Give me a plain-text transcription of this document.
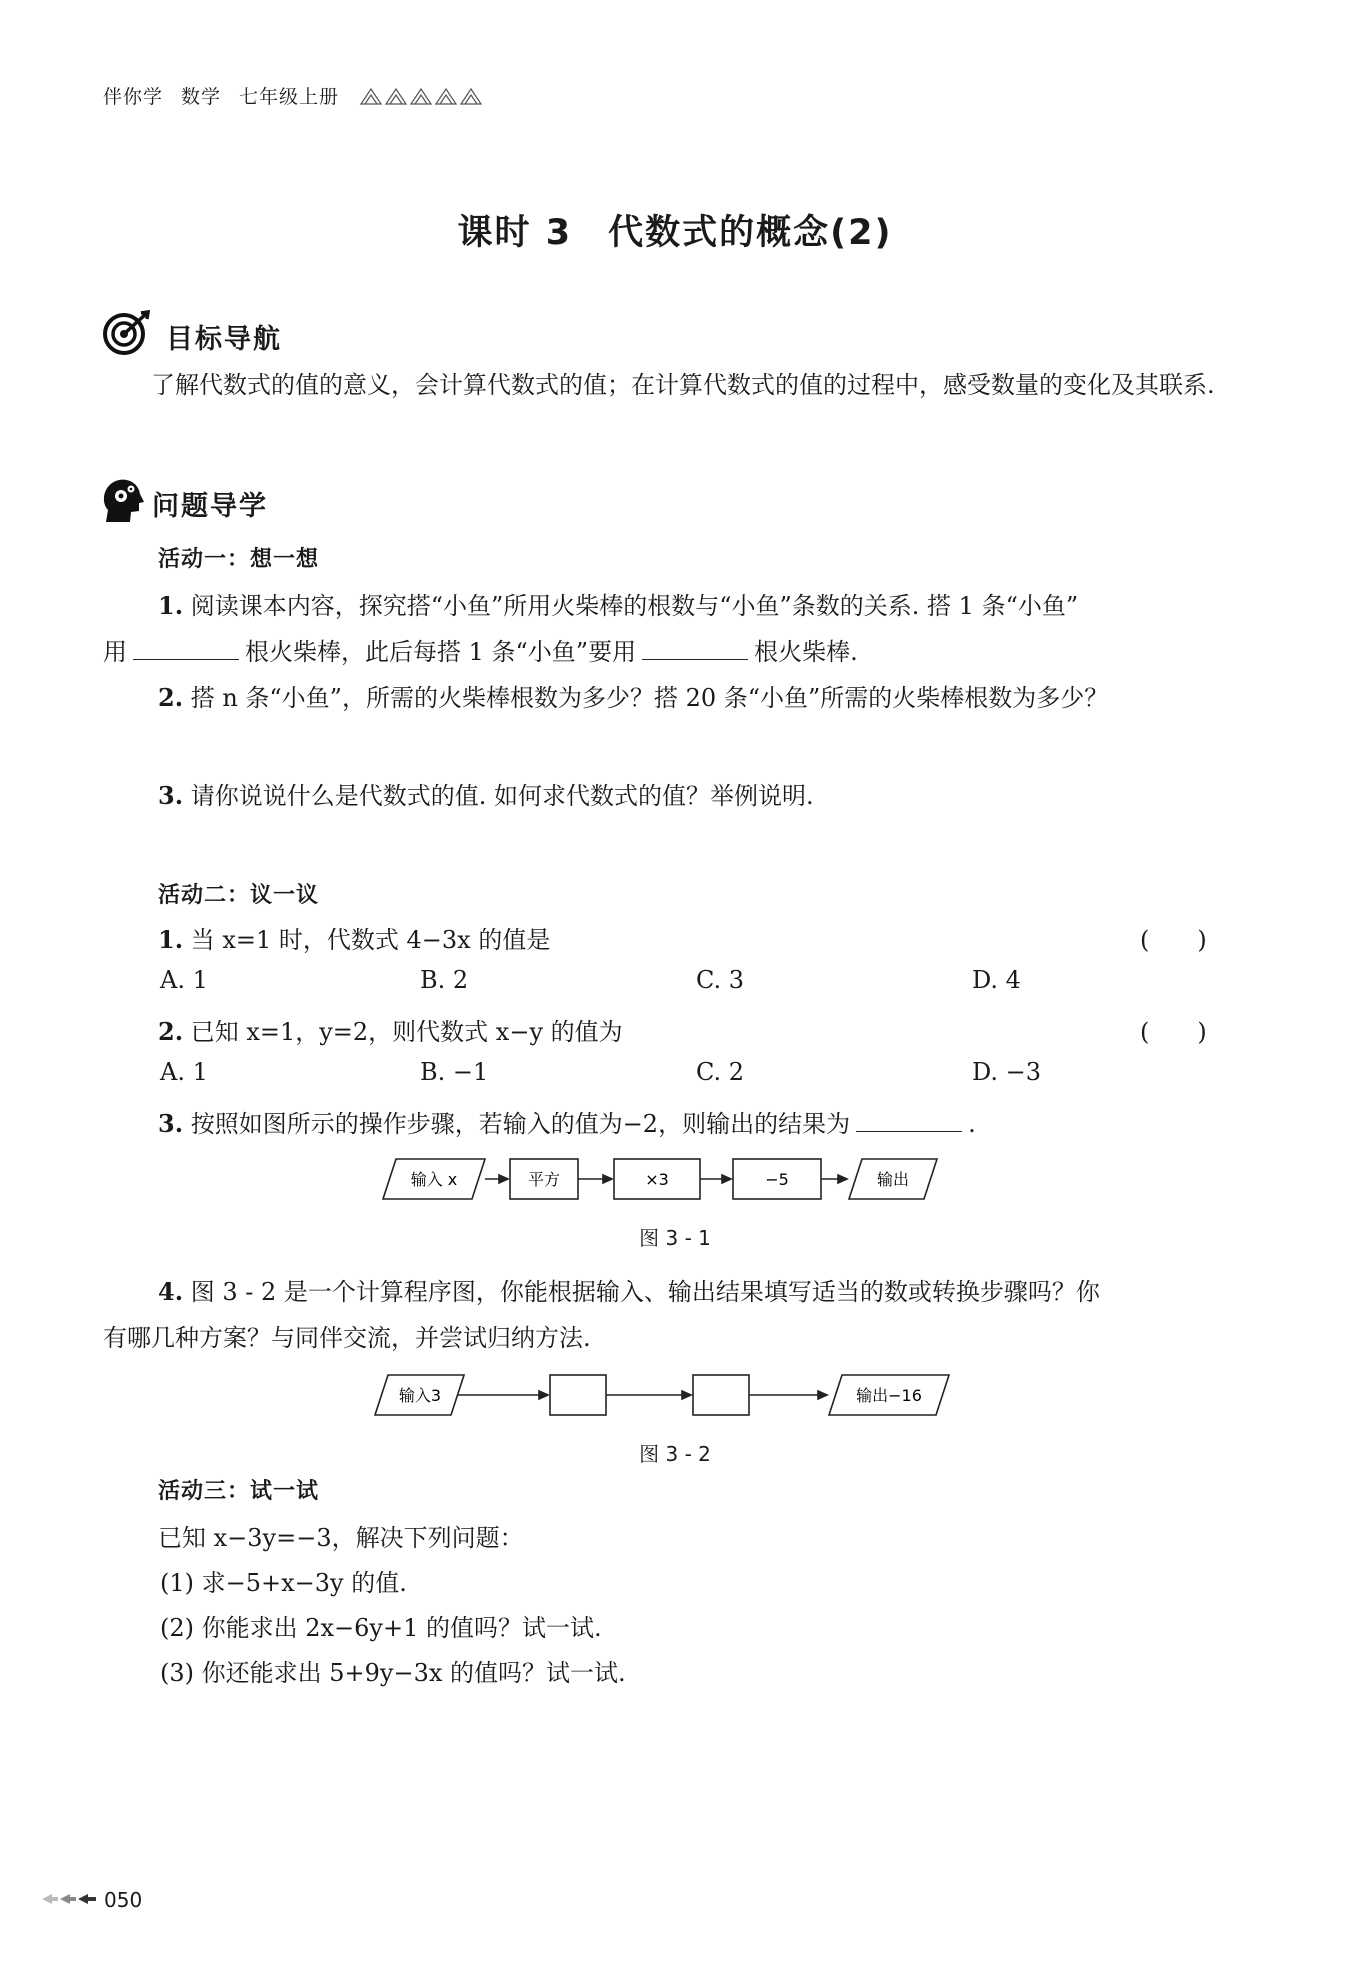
伴你学 数学 七年级上册
课时 3 代数式的概念(2)
目标导航
了解代数式的值的意义，会计算代数式的值；在计算代数式的值的过程中，感受数量的变化及其联系.
问题导学
活动一：想一想
1. 阅读课本内容，探究搭“小鱼”所用火柴棒的根数与“小鱼”条数的关系. 搭 1 条“小鱼”
用	根火柴棒，此后每搭 1 条“小鱼”要用	根火柴棒.
2. 搭 n 条“小鱼”，所需的火柴棒根数为多少？搭 20 条“小鱼”所需的火柴棒根数为多少？
3. 请你说说什么是代数式的值. 如何求代数式的值？举例说明.
活动二：议一议
1. 当 x=1 时，代数式 4−3x 的值是	(　　)
A. 1	B. 2	C. 3	D. 4
2. 已知 x=1，y=2，则代数式 x−y 的值为	(　　)
A. 1	B. −1	C. 2	D. −3
3. 按照如图所示的操作步骤，若输入的值为−2，则输出的结果为	.
输入 x	平方	×3	−5	输出
图 3 - 1
4. 图 3 - 2 是一个计算程序图，你能根据输入、输出结果填写适当的数或转换步骤吗？你
有哪几种方案？与同伴交流，并尝试归纳方法.
输入3	输出−16
图 3 - 2
活动三：试一试
已知 x−3y=−3，解决下列问题：
(1) 求−5+x−3y 的值.
(2) 你能求出 2x−6y+1 的值吗？试一试.
(3) 你还能求出 5+9y−3x 的值吗？试一试.
050
